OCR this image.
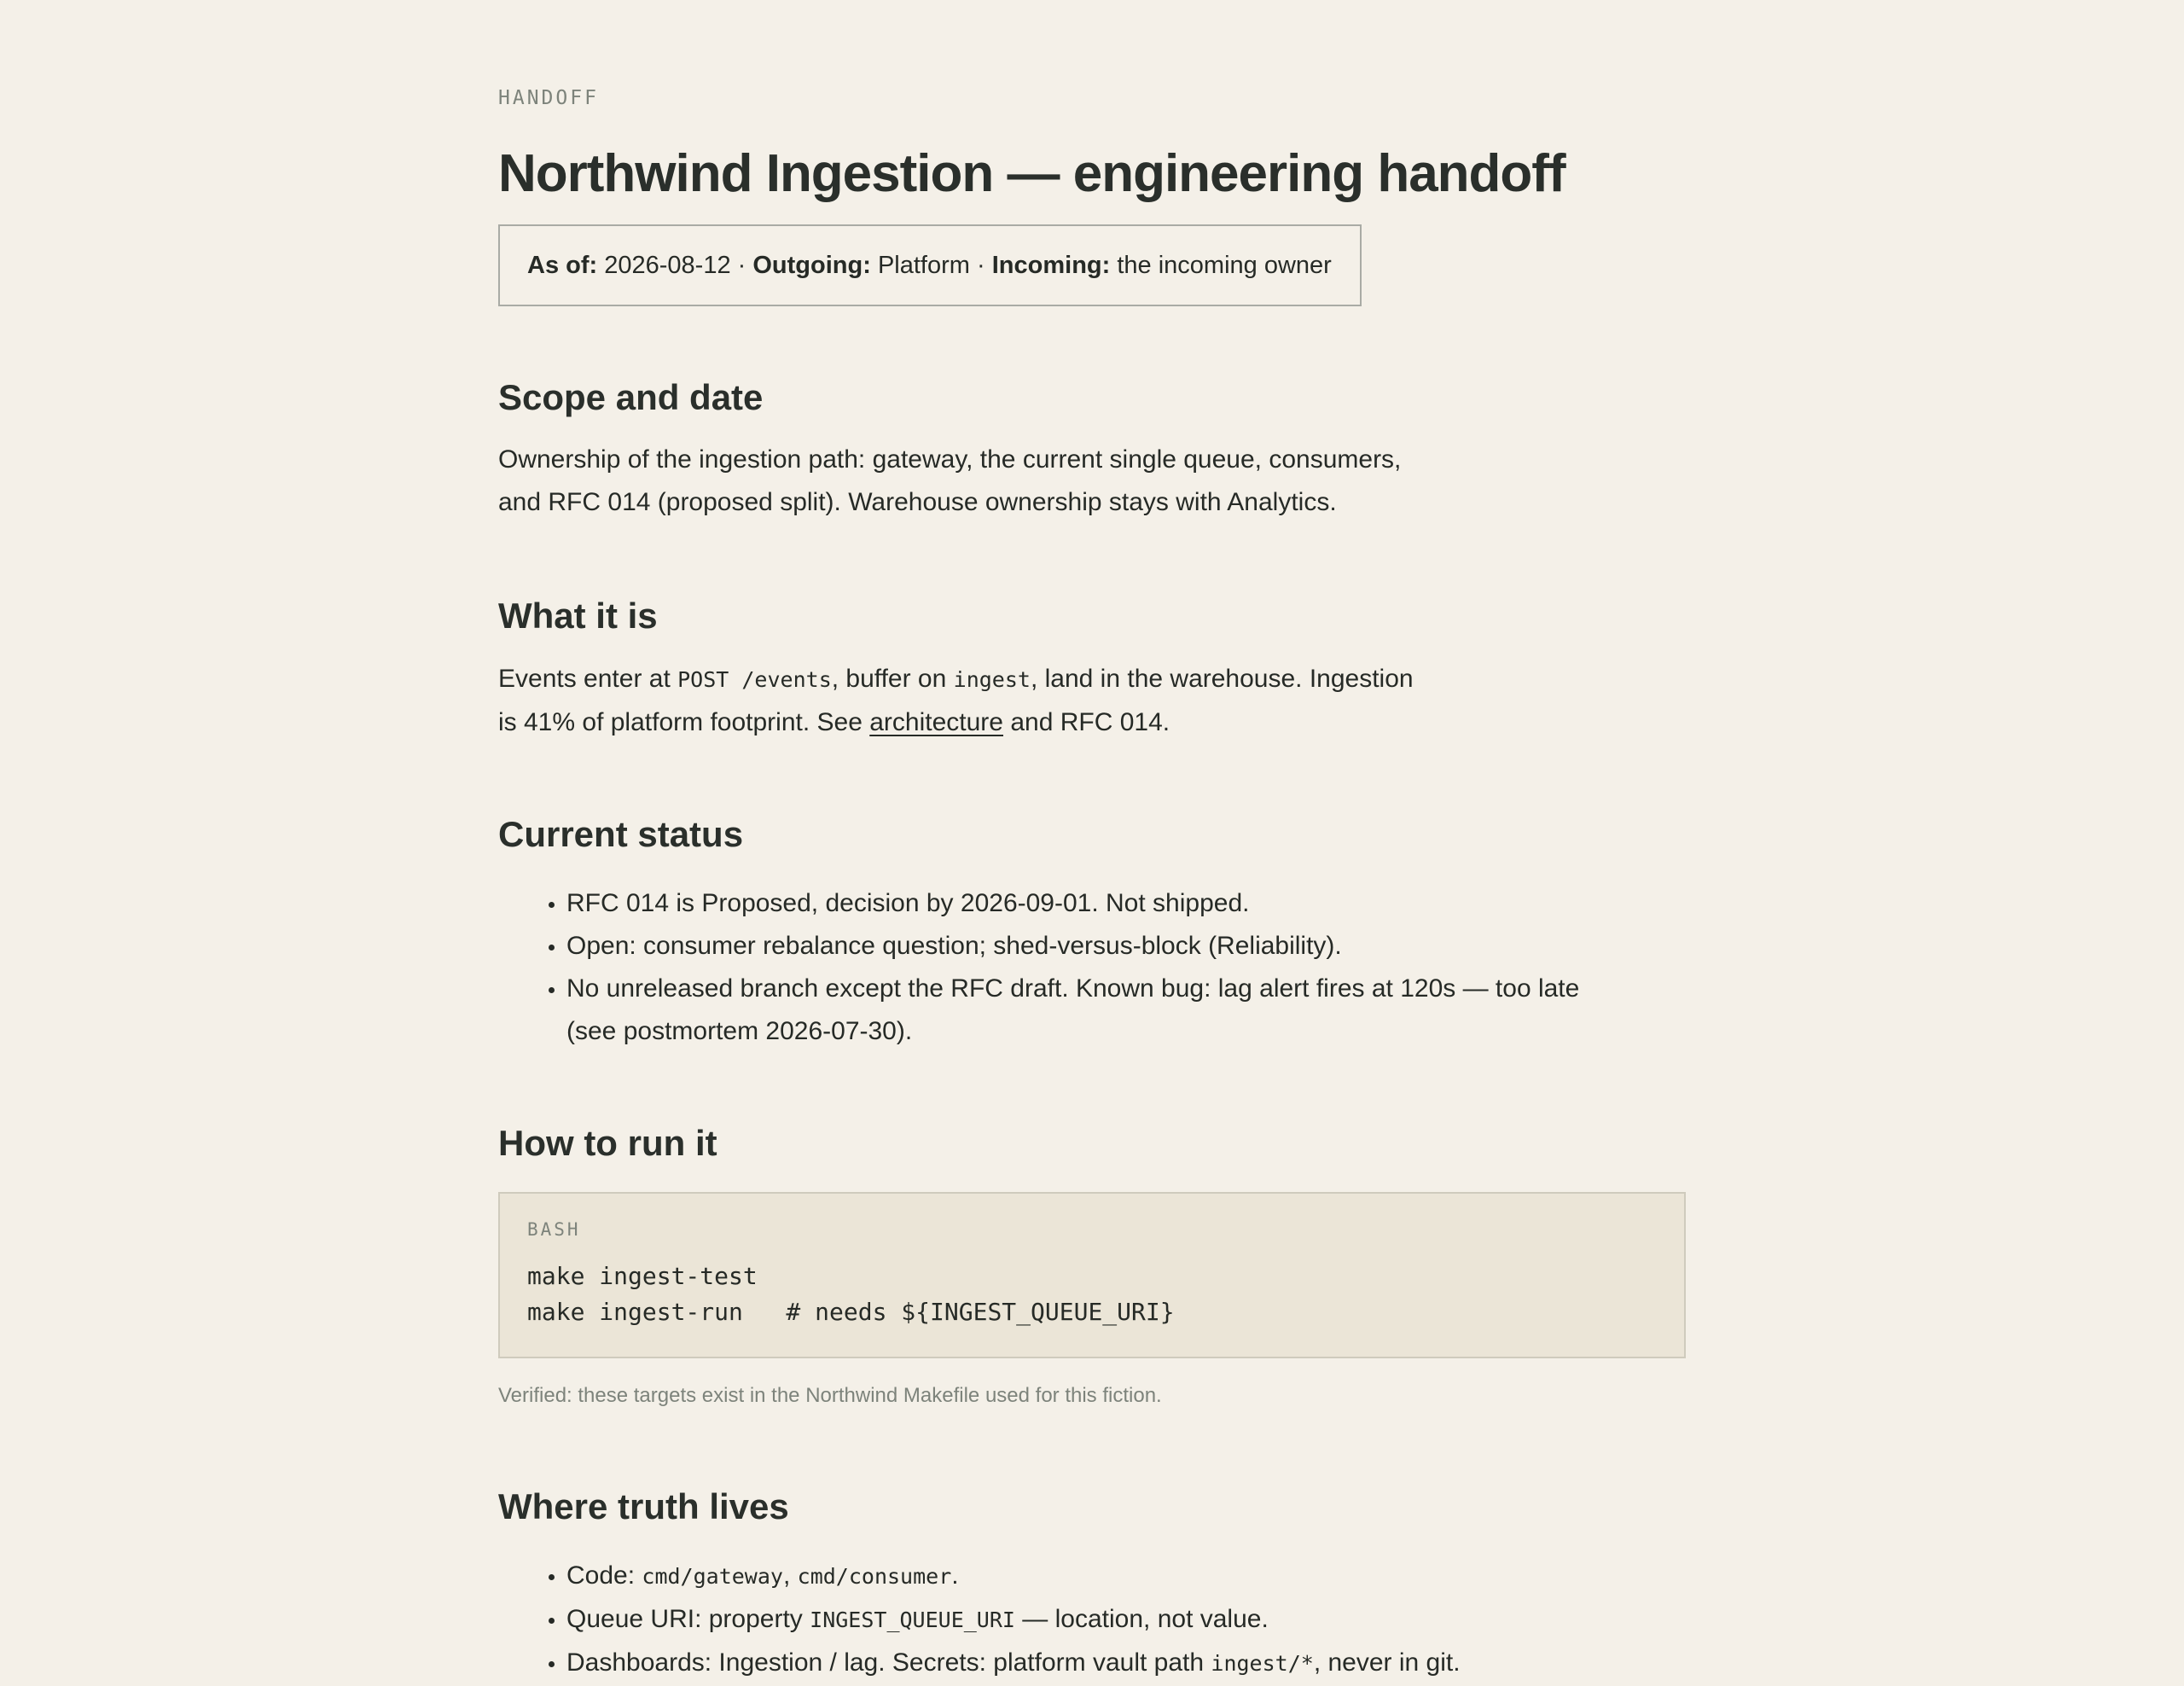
HANDOFF
Northwind Ingestion — engineering handoff
As of: 2026-08-12 · Outgoing: Platform · Incoming: the incoming owner
Scope and date

Ownership of the ingestion path: gateway, the current single queue, consumers,
and RFC 014 (proposed split). Warehouse ownership stays with Analytics.

What it is

Events enter at POST /events, buffer on ingest, land in the warehouse. Ingestion
is 41% of platform footprint. See architecture and RFC 014.

Current status
• RFC 014 is Proposed, decision by 2026-09-01. Not shipped.
• Open: consumer rebalance question; shed-versus-block (Reliability).
• No unreleased branch except the RFC draft. Known bug: lag alert fires at 120s — too late (see postmortem 2026-07-30).
How to run it
BASH
make ingest-test
make ingest-run   # needs ${INGEST_QUEUE_URI}
Verified: these targets exist in the Northwind Makefile used for this fiction.
Where truth lives
• Code: cmd/gateway, cmd/consumer.
• Queue URI: property INGEST_QUEUE_URI — location, not value.
• Dashboards: Ingestion / lag. Secrets: platform vault path ingest/*, never in git.
